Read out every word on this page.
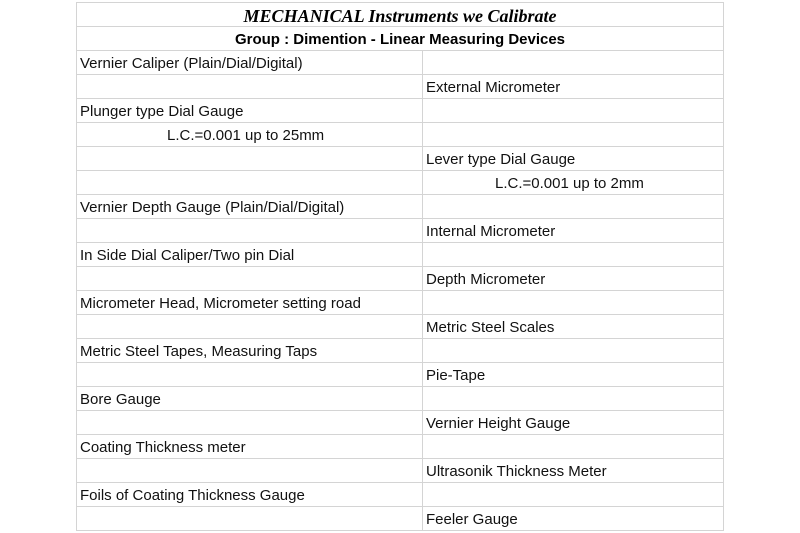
MECHANICAL Instruments we Calibrate	
Group : Dimention - Linear Measuring Devices	
Vernier Caliper (Plain/Dial/Digital)	
	External Micrometer
Plunger type Dial Gauge	
L.C.=0.001 up to 25mm	
	Lever type Dial Gauge
	L.C.=0.001 up to 2mm
Vernier Depth Gauge (Plain/Dial/Digital)	
	Internal Micrometer
In Side Dial Caliper/Two pin Dial	
	Depth Micrometer
Micrometer Head, Micrometer setting road	
	Metric Steel Scales
Metric Steel Tapes, Measuring Taps	
	Pie-Tape
Bore Gauge	
	Vernier Height Gauge
Coating Thickness meter	
	Ultrasonik Thickness Meter
Foils of Coating Thickness Gauge	
	Feeler Gauge
